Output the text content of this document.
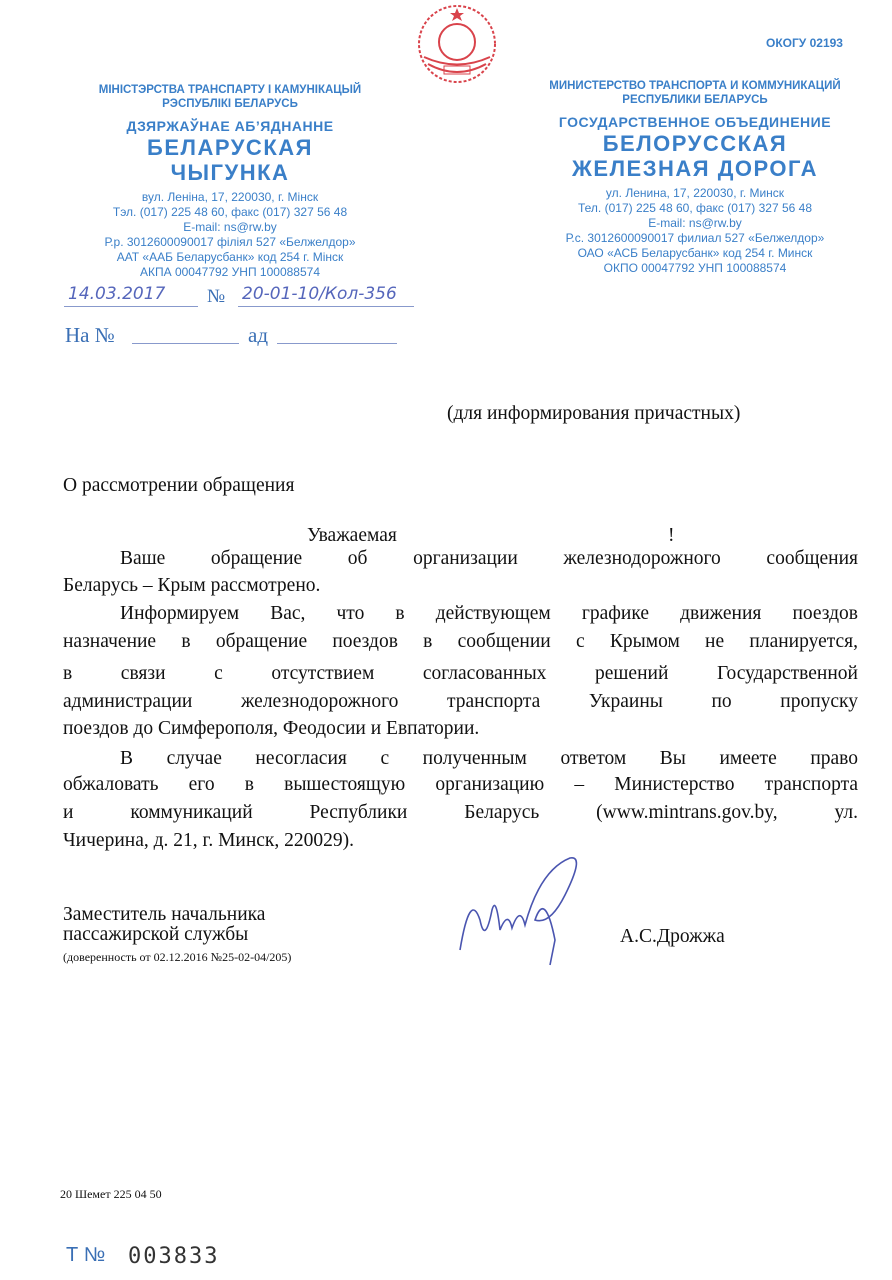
ОКОГУ 02193
МІНІСТЭРСТВА ТРАНСПАРТУ І КАМУНІКАЦЫЙ
РЭСПУБЛІКІ БЕЛАРУСЬ
ДЗЯРЖАЎНАЕ АБ’ЯДНАННЕ
БЕЛАРУСКАЯ
ЧЫГУНКА
вул. Леніна, 17, 220030, г. Мінск
Тэл. (017) 225 48 60, факс (017) 327 56 48
E-mail: ns@rw.by
Р.р. 3012600090017 філіял 527 «Белжелдор»
ААТ «ААБ Беларусбанк» код 254 г. Мінск
АКПА 00047792 УНП 100088574
МИНИСТЕРСТВО ТРАНСПОРТА И КОММУНИКАЦИЙ
РЕСПУБЛИКИ БЕЛАРУСЬ
ГОСУДАРСТВЕННОЕ ОБЪЕДИНЕНИЕ
БЕЛОРУССКАЯ
ЖЕЛЕЗНАЯ ДОРОГА
ул. Ленина, 17, 220030, г. Минск
Тел. (017) 225 48 60, факс (017) 327 56 48
E-mail: ns@rw.by
Р.с. 3012600090017 филиал 527 «Белжелдор»
ОАО «АСБ Беларусбанк» код 254 г. Минск
ОКПО 00047792 УНП 100088574
14.03.2017 № 20-01-10/Кол-356
На №	ад
(для информирования причастных)
О рассмотрении обращения
Уважаемая	!
Ваше обращение об организации железнодорожного сообщения
Беларусь – Крым рассмотрено.
Информируем Вас, что в действующем графике движения поездов
назначение в обращение поездов в сообщении с Крымом не планируется,
в связи с отсутствием согласованных решений Государственной
администрации железнодорожного транспорта Украины по пропуску
поездов до Симферополя, Феодосии и Евпатории.
В случае несогласия с полученным ответом Вы имеете право
обжаловать его в вышестоящую организацию – Министерство транспорта
и коммуникаций Республики Беларусь (www.mintrans.gov.by, ул.
Чичерина, д. 21, г. Минск, 220029).
Заместитель начальника
пассажирской службы
(доверенность от 02.12.2016 №25-02-04/205)
А.С.Дрожжа
20 Шемет 225 04 50
Т № 003833
